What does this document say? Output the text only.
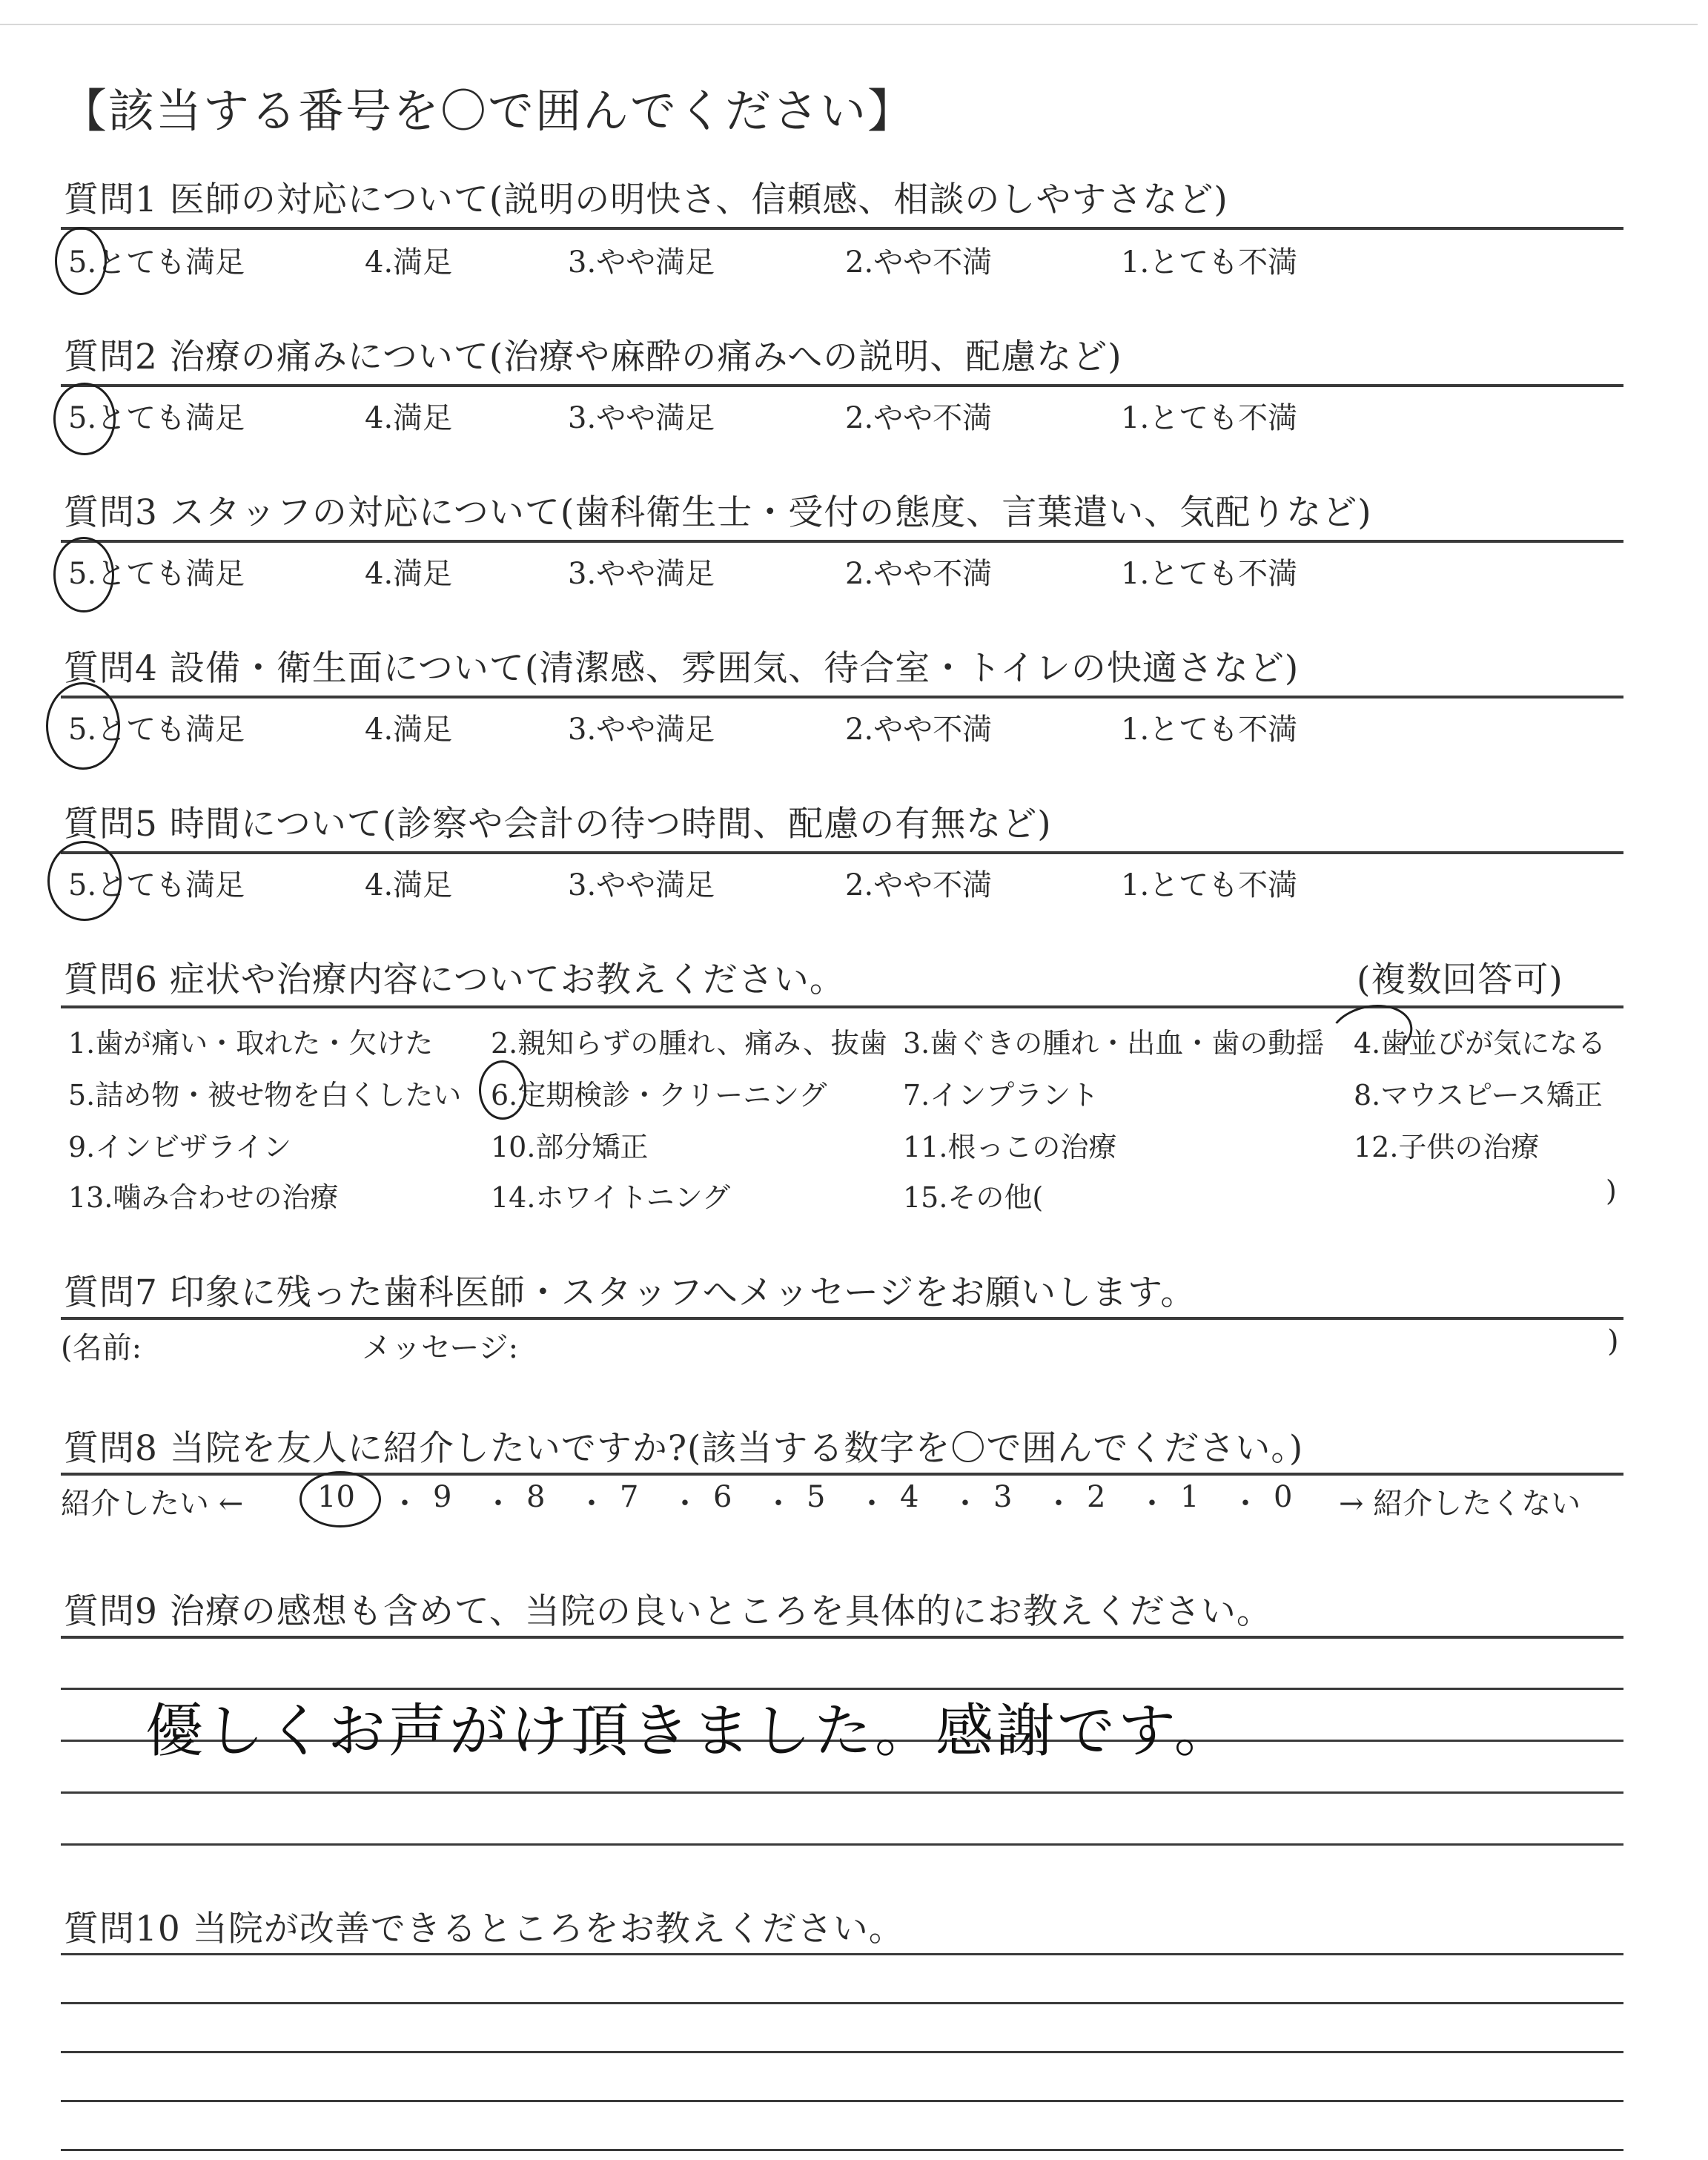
【該当する番号を〇で囲んでください】
質問1 医師の対応について(説明の明快さ、信頼感、相談のしやすさなど)
5.とても満足	4.満足	3.やや満足	2.やや不満	1.とても不満
質問2 治療の痛みについて(治療や麻酔の痛みへの説明、配慮など)
5.とても満足	4.満足	3.やや満足	2.やや不満	1.とても不満
質問3 スタッフの対応について(歯科衛生士・受付の態度、言葉遣い、気配りなど)
5.とても満足	4.満足	3.やや満足	2.やや不満	1.とても不満
質問4 設備・衛生面について(清潔感、雰囲気、待合室・トイレの快適さなど)
5.とても満足	4.満足	3.やや満足	2.やや不満	1.とても不満
質問5 時間について(診察や会計の待つ時間、配慮の有無など)
5.とても満足	4.満足	3.やや満足	2.やや不満	1.とても不満
質問6 症状や治療内容についてお教えください。	(複数回答可)
1.歯が痛い・取れた・欠けた 2.親知らずの腫れ、痛み、抜歯 3.歯ぐきの腫れ・出血・歯の動揺 4.歯並びが気になる
5.詰め物・被せ物を白くしたい 6.定期検診・クリーニング	7.インプラント	8.マウスピース矯正
9.インビザライン	10.部分矯正	11.根っこの治療	12.子供の治療
13.噛み合わせの治療	14.ホワイトニング	15.その他(	)
質問7 印象に残った歯科医師・スタッフへメッセージをお願いします。
(名前:	メッセージ:	)
質問8 当院を友人に紹介したいですか?(該当する数字を〇で囲んでください。)
紹介したい ←	→ 紹介したくない
10 ・ 9 ・ 8 ・ 7 ・ 6 ・ 5 ・ 4 ・ 3 ・ 2 ・ 1 ・ 0
質問9 治療の感想も含めて、当院の良いところを具体的にお教えください。
優しくお声がけ頂きました。感謝です。
質問10 当院が改善できるところをお教えください。
